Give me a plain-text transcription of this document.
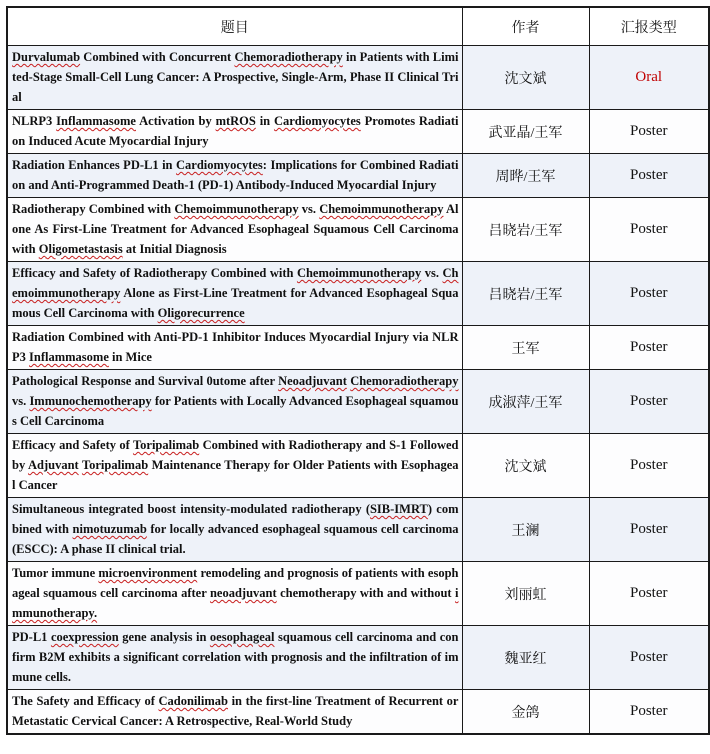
题目	作者	汇报类型
Durvalumab Combined with Concurrent Chemoradiotherapy in Patients with Limited-Stage Small-Cell Lung Cancer: A Prospective, Single-Arm, Phase II Clinical Trial	沈文斌	Oral
NLRP3 Inflammasome Activation by mtROS in Cardiomyocytes Promotes Radiation Induced Acute Myocardial Injury	武亚晶/王军	Poster
Radiation Enhances PD-L1 in Cardiomyocytes: Implications for Combined Radiation and Anti-Programmed Death-1 (PD-1) Antibody-Induced Myocardial Injury	周晔/王军	Poster
Radiotherapy Combined with Chemoimmunotherapy vs. Chemoimmunotherapy Alone As First-Line Treatment for Advanced Esophageal Squamous Cell Carcinoma with Oligometastasis at Initial Diagnosis	吕晓岩/王军	Poster
Efficacy and Safety of Radiotherapy Combined with Chemoimmunotherapy vs. Chemoimmunotherapy Alone as First-Line Treatment for Advanced Esophageal Squamous Cell Carcinoma with Oligorecurrence	吕晓岩/王军	Poster
Radiation Combined with Anti-PD-1 Inhibitor Induces Myocardial Injury via NLRP3 Inflammasome in Mice	王军	Poster
Pathological Response and Survival 0utome after Neoadjuvant Chemoradiotherapy vs. Immunochemotherapy for Patients with Locally Advanced Esophageal squamous Cell Carcinoma	成淑萍/王军	Poster
Efficacy and Safety of Toripalimab Combined with Radiotherapy and S-1 Followed by Adjuvant Toripalimab Maintenance Therapy for Older Patients with Esophageal Cancer	沈文斌	Poster
Simultaneous integrated boost intensity-modulated radiotherapy (SIB-IMRT) combined with nimotuzumab for locally advanced esophageal squamous cell carcinoma (ESCC): A phase II clinical trial.	王澜	Poster
Tumor immune microenvironment remodeling and prognosis of patients with esophageal squamous cell carcinoma after neoadjuvant chemotherapy with and without immunotherapy.	刘丽虹	Poster
PD-L1 coexpression gene analysis in oesophageal squamous cell carcinoma and confirm B2M exhibits a significant correlation with prognosis and the infiltration of immune cells.	魏亚红	Poster
The Safety and Efficacy of Cadonilimab in the first-line Treatment of Recurrent or Metastatic Cervical Cancer: A Retrospective, Real-World Study	金鸽	Poster
